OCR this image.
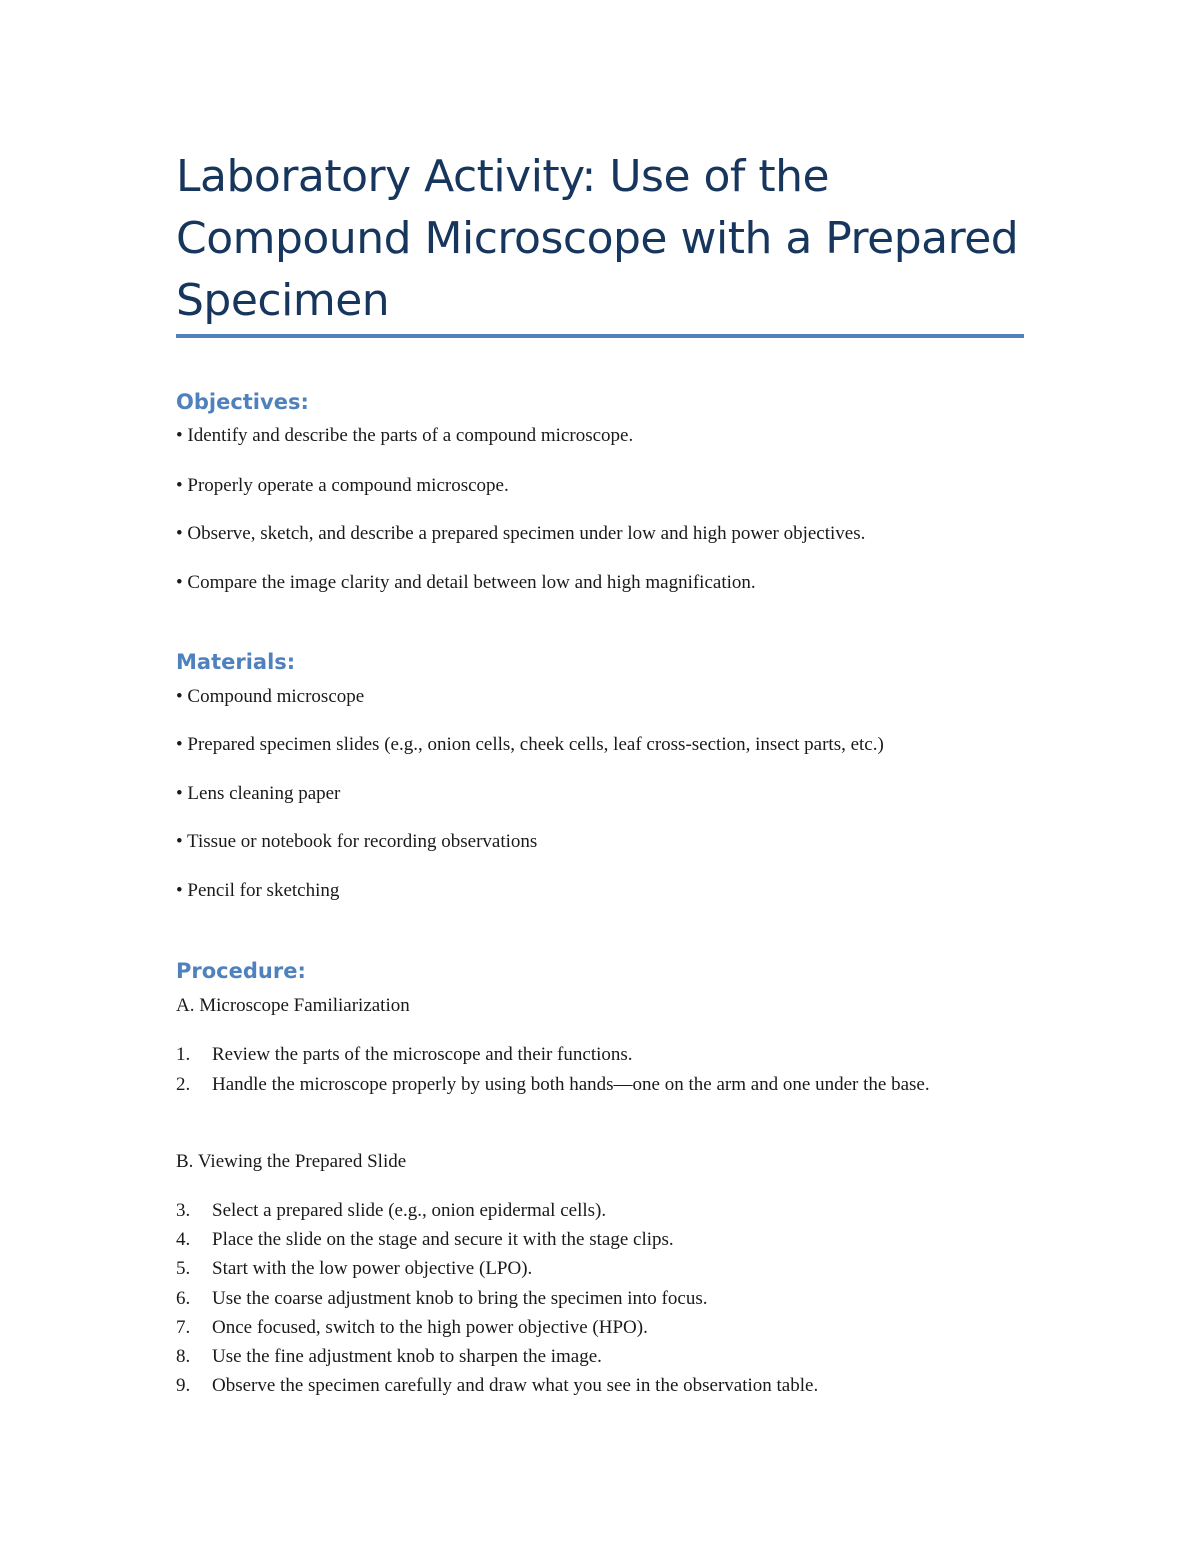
Laboratory Activity: Use of the Compound Microscope with a Prepared Specimen
Objectives:

• Identify and describe the parts of a compound microscope.

• Properly operate a compound microscope.

• Observe, sketch, and describe a prepared specimen under low and high power objectives.

• Compare the image clarity and detail between low and high magnification.

Materials:

• Compound microscope

• Prepared specimen slides (e.g., onion cells, cheek cells, leaf cross-section, insect parts, etc.)

• Lens cleaning paper

• Tissue or notebook for recording observations

• Pencil for sketching

Procedure:

A. Microscope Familiarization

1.	Review the parts of the microscope and their functions.
2.	Handle the microscope properly by using both hands—one on the arm and one under the base.

B. Viewing the Prepared Slide

3.	Select a prepared slide (e.g., onion epidermal cells).
4.	Place the slide on the stage and secure it with the stage clips.
5.	Start with the low power objective (LPO).
6.	Use the coarse adjustment knob to bring the specimen into focus.
7.	Once focused, switch to the high power objective (HPO).
8.	Use the fine adjustment knob to sharpen the image.
9.	Observe the specimen carefully and draw what you see in the observation table.
